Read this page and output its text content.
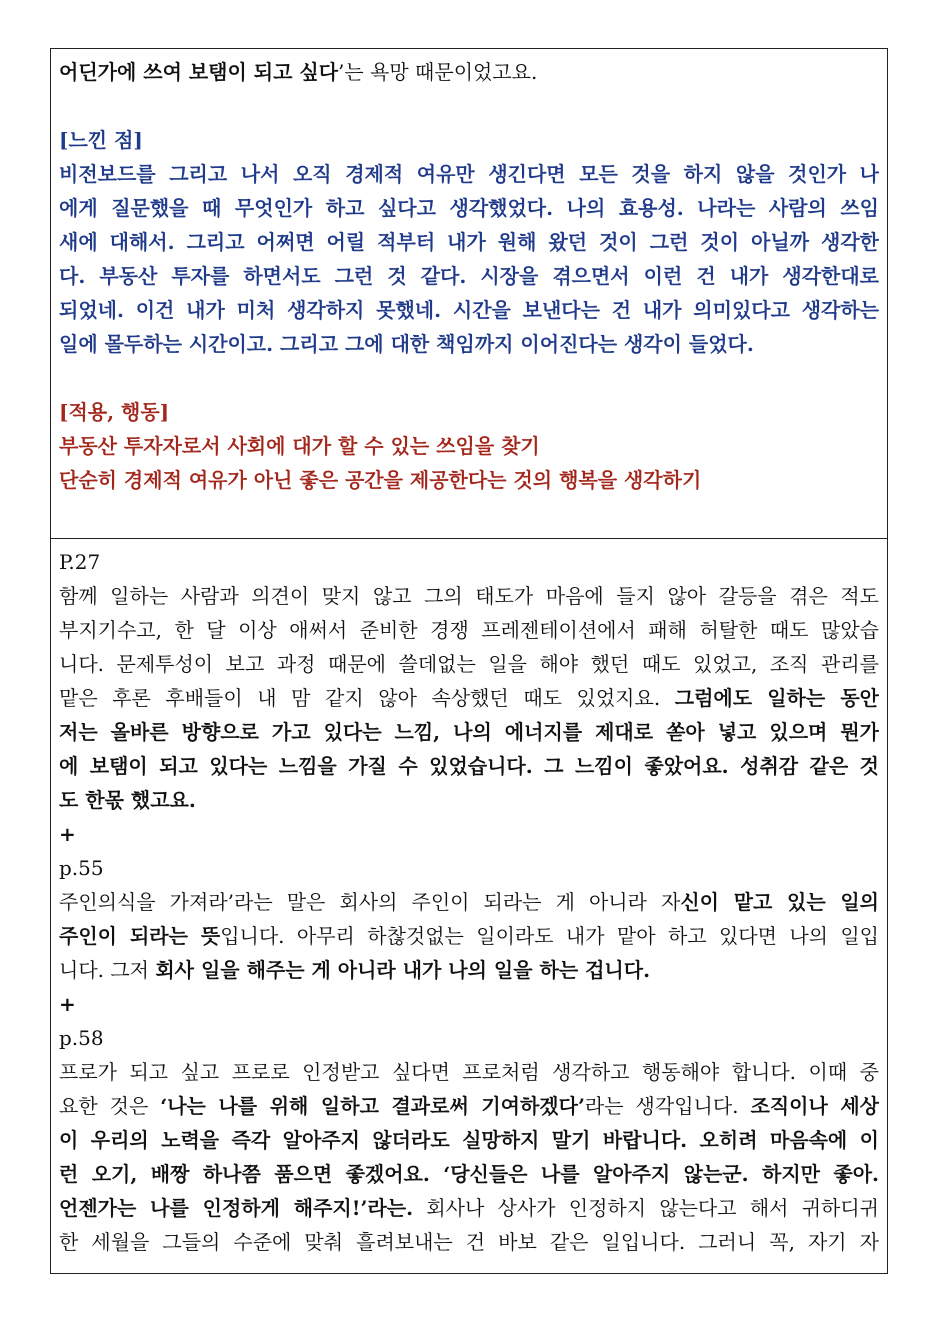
어딘가에 쓰여 보탬이 되고 싶다’는 욕망 때문이었고요.
[느낀 점]
비전보드를 그리고 나서 오직 경제적 여유만 생긴다면 모든 것을 하지 않을 것인가 나
에게 질문했을 때 무엇인가 하고 싶다고 생각했었다. 나의 효용성. 나라는 사람의 쓰임
새에 대해서. 그리고 어쩌면 어릴 적부터 내가 원해 왔던 것이 그런 것이 아닐까 생각한
다. 부동산 투자를 하면서도 그런 것 같다. 시장을 겪으면서 이런 건 내가 생각한대로
되었네. 이건 내가 미처 생각하지 못했네. 시간을 보낸다는 건 내가 의미있다고 생각하는
일에 몰두하는 시간이고. 그리고 그에 대한 책임까지 이어진다는 생각이 들었다.
[적용, 행동]
부동산 투자자로서 사회에 대가 할 수 있는 쓰임을 찾기
단순히 경제적 여유가 아닌 좋은 공간을 제공한다는 것의 행복을 생각하기
P.27
함께 일하는 사람과 의견이 맞지 않고 그의 태도가 마음에 들지 않아 갈등을 겪은 적도
부지기수고, 한 달 이상 애써서 준비한 경쟁 프레젠테이션에서 패해 허탈한 때도 많았습
니다. 문제투성이 보고 과정 때문에 쓸데없는 일을 해야 했던 때도 있었고, 조직 관리를
맡은 후론 후배들이 내 맘 같지 않아 속상했던 때도 있었지요. 그럼에도 일하는 동안
저는 올바른 방향으로 가고 있다는 느낌, 나의 에너지를 제대로 쏟아 넣고 있으며 뭔가
에 보탬이 되고 있다는 느낌을 가질 수 있었습니다. 그 느낌이 좋았어요. 성취감 같은 것
도 한몫 했고요.
+
p.55
주인의식을 가져라’라는 말은 회사의 주인이 되라는 게 아니라 자신이 맡고 있는 일의
주인이 되라는 뜻입니다. 아무리 하찮것없는 일이라도 내가 맡아 하고 있다면 나의 일입
니다. 그저 회사 일을 해주는 게 아니라 내가 나의 일을 하는 겁니다.
+
p.58
프로가 되고 싶고 프로로 인정받고 싶다면 프로처럼 생각하고 행동해야 합니다. 이때 중
요한 것은 ‘나는 나를 위해 일하고 결과로써 기여하겠다’라는 생각입니다. 조직이나 세상
이 우리의 노력을 즉각 알아주지 않더라도 실망하지 말기 바랍니다. 오히려 마음속에 이
런 오기, 배짱 하나쯤 품으면 좋겠어요. ‘당신들은 나를 알아주지 않는군. 하지만 좋아.
언젠가는 나를 인정하게 해주지!’라는. 회사나 상사가 인정하지 않는다고 해서 귀하디귀
한 세월을 그들의 수준에 맞춰 흘려보내는 건 바보 같은 일입니다. 그러니 꼭, 자기 자
